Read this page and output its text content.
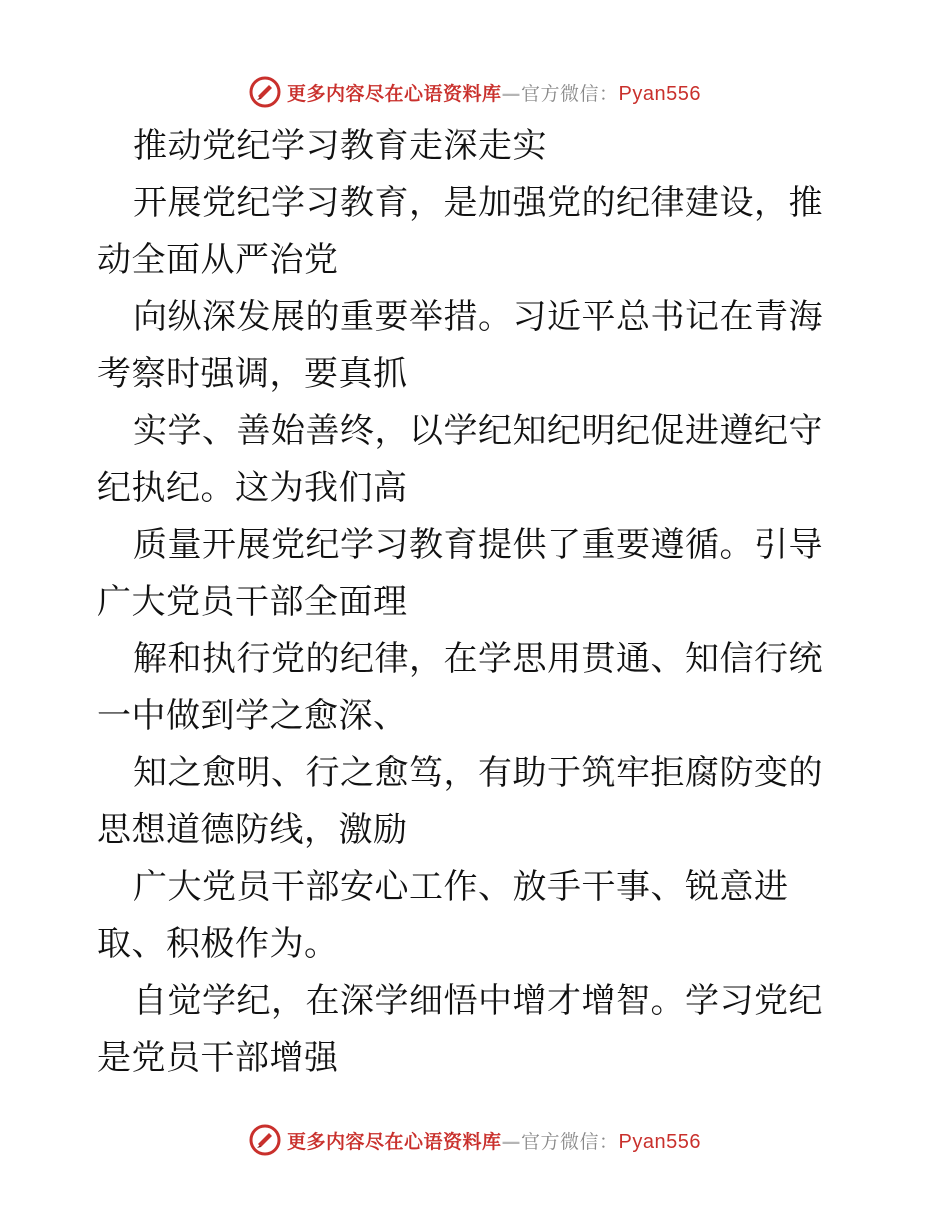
更多内容尽在心语资料库—官方微信：Pyan556

推动党纪学习教育走深走实

开展党纪学习教育，是加强党的纪律建设，推动全面从严治党

向纵深发展的重要举措。习近平总书记在青海考察时强调，要真抓

实学、善始善终，以学纪知纪明纪促进遵纪守纪执纪。这为我们高

质量开展党纪学习教育提供了重要遵循。引导广大党员干部全面理

解和执行党的纪律，在学思用贯通、知信行统一中做到学之愈深、

知之愈明、行之愈笃，有助于筑牢拒腐防变的思想道德防线，激励

广大党员干部安心工作、放手干事、锐意进取、积极作为。

自觉学纪，在深学细悟中增才增智。学习党纪是党员干部增强

更多内容尽在心语资料库—官方微信：Pyan556
